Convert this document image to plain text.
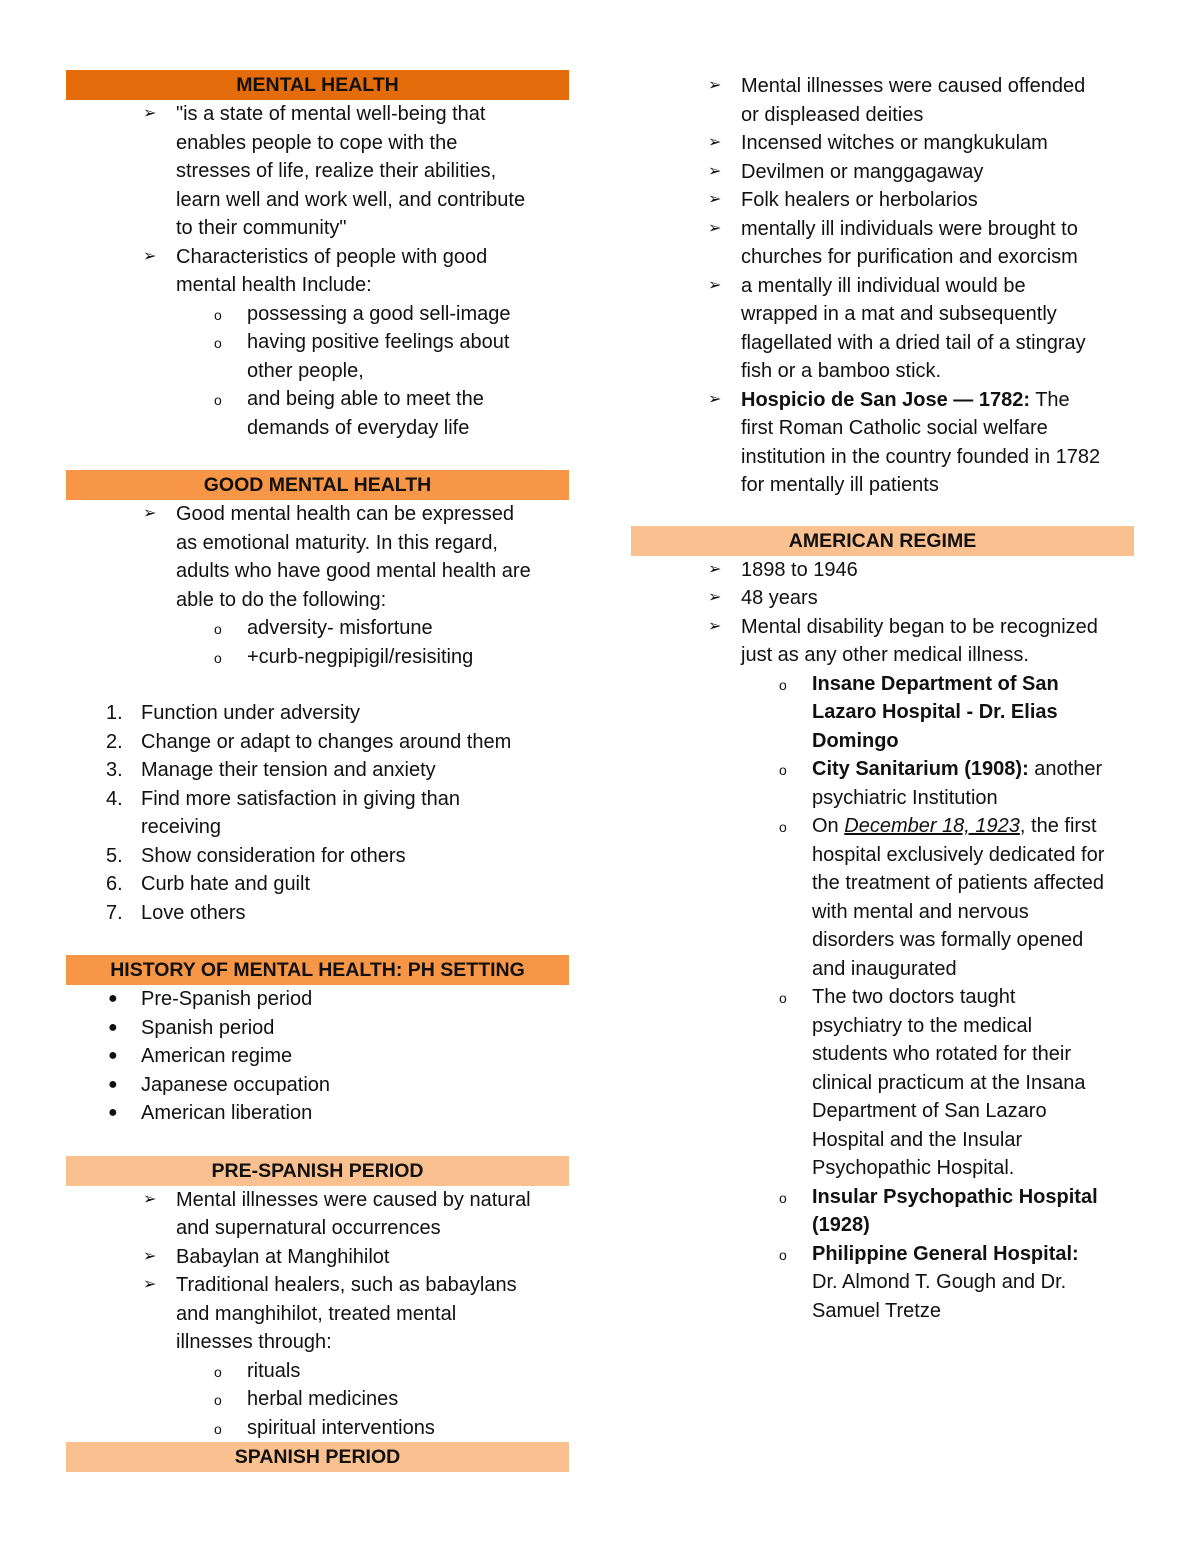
MENTAL HEALTH
➢ "is a state of mental well-being that
enables people to cope with the
stresses of life, realize their abilities,
learn well and work well, and contribute
to their community"
➢ Characteristics of people with good
mental health Include:
o possessing a good sell-image
o having positive feelings about
other people,
o and being able to meet the
demands of everyday life
GOOD MENTAL HEALTH
➢ Good mental health can be expressed
as emotional maturity. In this regard,
adults who have good mental health are
able to do the following:
o adversity- misfortune
o +curb-negpipigil/resisiting
1. Function under adversity
2. Change or adapt to changes around them
3. Manage their tension and anxiety
4. Find more satisfaction in giving than
receiving
5. Show consideration for others
6. Curb hate and guilt
7. Love others
HISTORY OF MENTAL HEALTH: PH SETTING
● Pre-Spanish period
● Spanish period
● American regime
● Japanese occupation
● American liberation
PRE-SPANISH PERIOD
➢ Mental illnesses were caused by natural
and supernatural occurrences
➢ Babaylan at Manghihilot
➢ Traditional healers, such as babaylans
and manghihilot, treated mental
illnesses through:
o rituals
o herbal medicines
o spiritual interventions
SPANISH PERIOD
➢ Mental illnesses were caused offended
or displeased deities
➢ Incensed witches or mangkukulam
➢ Devilmen or manggagaway
➢ Folk healers or herbolarios
➢ mentally ill individuals were brought to
churches for purification and exorcism
➢ a mentally ill individual would be
wrapped in a mat and subsequently
flagellated with a dried tail of a stingray
fish or a bamboo stick.
➢ Hospicio de San Jose — 1782: The
first Roman Catholic social welfare
institution in the country founded in 1782
for mentally ill patients
AMERICAN REGIME
➢ 1898 to 1946
➢ 48 years
➢ Mental disability began to be recognized
just as any other medical illness.
o Insane Department of San
Lazaro Hospital - Dr. Elias
Domingo
o City Sanitarium (1908): another
psychiatric Institution
o On December 18, 1923, the first
hospital exclusively dedicated for
the treatment of patients affected
with mental and nervous
disorders was formally opened
and inaugurated
o The two doctors taught
psychiatry to the medical
students who rotated for their
clinical practicum at the Insana
Department of San Lazaro
Hospital and the Insular
Psychopathic Hospital.
o Insular Psychopathic Hospital
(1928)
o Philippine General Hospital:
Dr. Almond T. Gough and Dr.
Samuel Tretze
